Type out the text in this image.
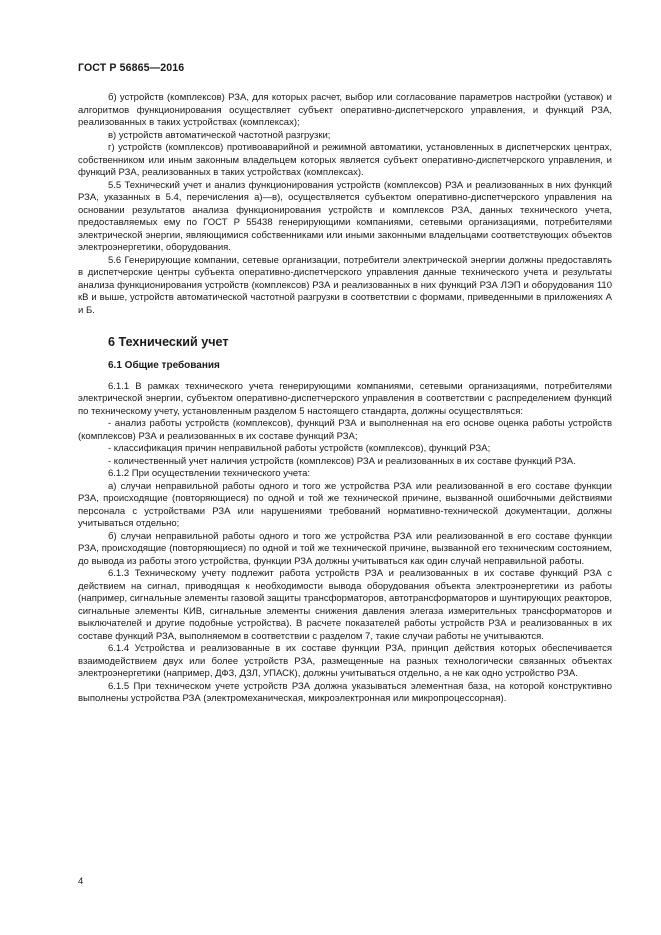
ГОСТ Р 56865—2016

б) устройств (комплексов) РЗА, для которых расчет, выбор или согласование параметров настройки (уставок) и алгоритмов функционирования осуществляет субъект оперативно-диспетчерского управления, и функций РЗА, реализованных в таких устройствах (комплексах);

в) устройств автоматической частотной разгрузки;

г) устройств (комплексов) противоаварийной и режимной автоматики, установленных в диспетчерских центрах, собственником или иным законным владельцем которых является субъект оперативно-диспетчерского управления, и функций РЗА, реализованных в таких устройствах (комплексах).

5.5 Технический учет и анализ функционирования устройств (комплексов) РЗА и реализованных в них функций РЗА, указанных в 5.4, перечисления а)—в), осуществляется субъектом оперативно-диспетчерского управления на основании результатов анализа функционирования устройств и комплексов РЗА, данных технического учета, предоставляемых ему по ГОСТ Р 55438 генерирующими компаниями, сетевыми организациями, потребителями электрической энергии, являющимися собственниками или иными законными владельцами соответствующих объектов электроэнергетики, оборудования.

5.6 Генерирующие компании, сетевые организации, потребители электрической энергии должны предоставлять в диспетчерские центры субъекта оперативно-диспетчерского управления данные технического учета и результаты анализа функционирования устройств (комплексов) РЗА и реализованных в них функций РЗА ЛЭП и оборудования 110 кВ и выше, устройств автоматической частотной разгрузки в соответствии с формами, приведенными в приложениях А и Б.

6 Технический учет
6.1 Общие требования

6.1.1 В рамках технического учета генерирующими компаниями, сетевыми организациями, потребителями электрической энергии, субъектом оперативно-диспетчерского управления в соответствии с распределением функций по техническому учету, установленным разделом 5 настоящего стандарта, должны осуществляться:

- анализ работы устройств (комплексов), функций РЗА и выполненная на его основе оценка работы устройств (комплексов) РЗА и реализованных в их составе функций РЗА;

- классификация причин неправильной работы устройств (комплексов), функций РЗА;

- количественный учет наличия устройств (комплексов) РЗА и реализованных в их составе функций РЗА.

6.1.2 При осуществлении технического учета:

а) случаи неправильной работы одного и того же устройства РЗА или реализованной в его составе функции РЗА, происходящие (повторяющиеся) по одной и той же технической причине, вызванной ошибочными действиями персонала с устройствами РЗА или нарушениями требований нормативно-технической документации, должны учитываться отдельно;

б) случаи неправильной работы одного и того же устройства РЗА или реализованной в его составе функции РЗА, происходящие (повторяющиеся) по одной и той же технической причине, вызванной его техническим состоянием, до вывода из работы этого устройства, функции РЗА должны учитываться как один случай неправильной работы.

6.1.3 Техническому учету подлежит работа устройств РЗА и реализованных в их составе функций РЗА с действием на сигнал, приводящая к необходимости вывода оборудования объекта электроэнергетики из работы (например, сигнальные элементы газовой защиты трансформаторов, автотрансформаторов и шунтирующих реакторов, сигнальные элементы КИВ, сигнальные элементы снижения давления элегаза измерительных трансформаторов и выключателей и другие подобные устройства). В расчете показателей работы устройств РЗА и реализованных в их составе функций РЗА, выполняемом в соответствии с разделом 7, такие случаи работы не учитываются.

6.1.4 Устройства и реализованные в их составе функции РЗА, принцип действия которых обеспечивается взаимодействием двух или более устройств РЗА, размещенные на разных технологически связанных объектах электроэнергетики (например, ДФЗ, ДЗЛ, УПАСК), должны учитываться отдельно, а не как одно устройство РЗА.

6.1.5 При техническом учете устройств РЗА должна указываться элементная база, на которой конструктивно выполнены устройства РЗА (электромеханическая, микроэлектронная или микропроцессорная).

4
